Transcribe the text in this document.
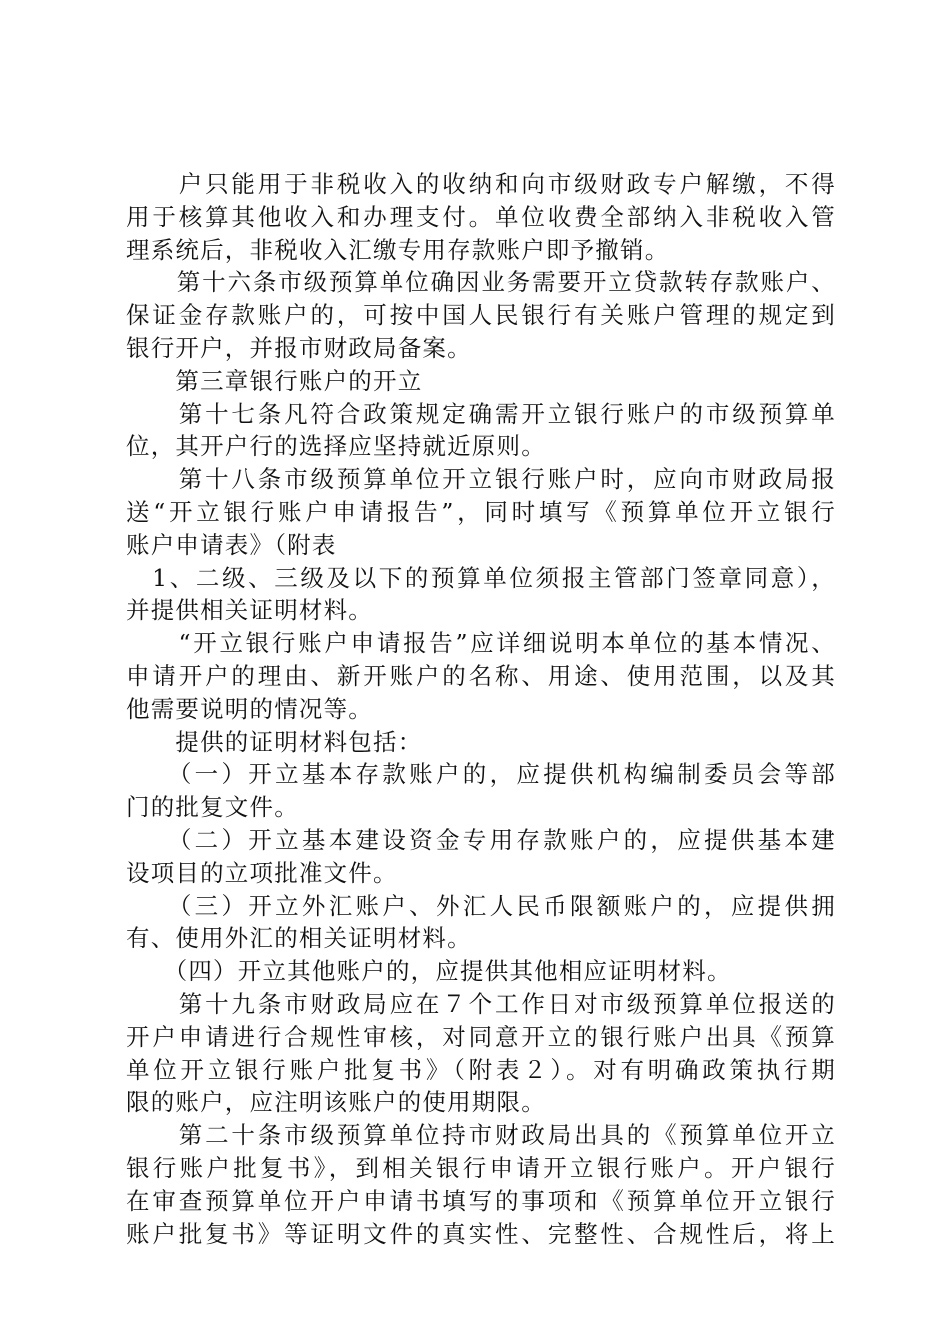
　　户只能用于非税收入的收纳和向市级财政专户解缴，不得
用于核算其他收入和办理支付。单位收费全部纳入非税收入管
理系统后，非税收入汇缴专用存款账户即予撤销。
　　第十六条市级预算单位确因业务需要开立贷款转存款账户、
保证金存款账户的，可按中国人民银行有关账户管理的规定到
银行开户，并报市财政局备案。
　　第三章银行账户的开立
　　第十七条凡符合政策规定确需开立银行账户的市级预算单
位，其开户行的选择应坚持就近原则。
　　第十八条市级预算单位开立银行账户时，应向市财政局报
送“开立银行账户申请报告”，同时填写《预算单位开立银行
账户申请表》（附表
　1、二级、三级及以下的预算单位须报主管部门签章同意），
并提供相关证明材料。
　　“开立银行账户申请报告”应详细说明本单位的基本情况、
申请开户的理由、新开账户的名称、用途、使用范围，以及其
他需要说明的情况等。
　　提供的证明材料包括：
　　（一）开立基本存款账户的，应提供机构编制委员会等部
门的批复文件。
　　（二）开立基本建设资金专用存款账户的，应提供基本建
设项目的立项批准文件。
　　（三）开立外汇账户、外汇人民币限额账户的，应提供拥
有、使用外汇的相关证明材料。
　　（四）开立其他账户的，应提供其他相应证明材料。
　　第十九条市财政局应在７个工作日对市级预算单位报送的
开户申请进行合规性审核，对同意开立的银行账户出具《预算
单位开立银行账户批复书》（附表２）。对有明确政策执行期
限的账户，应注明该账户的使用期限。
　　第二十条市级预算单位持市财政局出具的《预算单位开立
银行账户批复书》，到相关银行申请开立银行账户。开户银行
在审查预算单位开户申请书填写的事项和《预算单位开立银行
账户批复书》等证明文件的真实性、完整性、合规性后，将上
